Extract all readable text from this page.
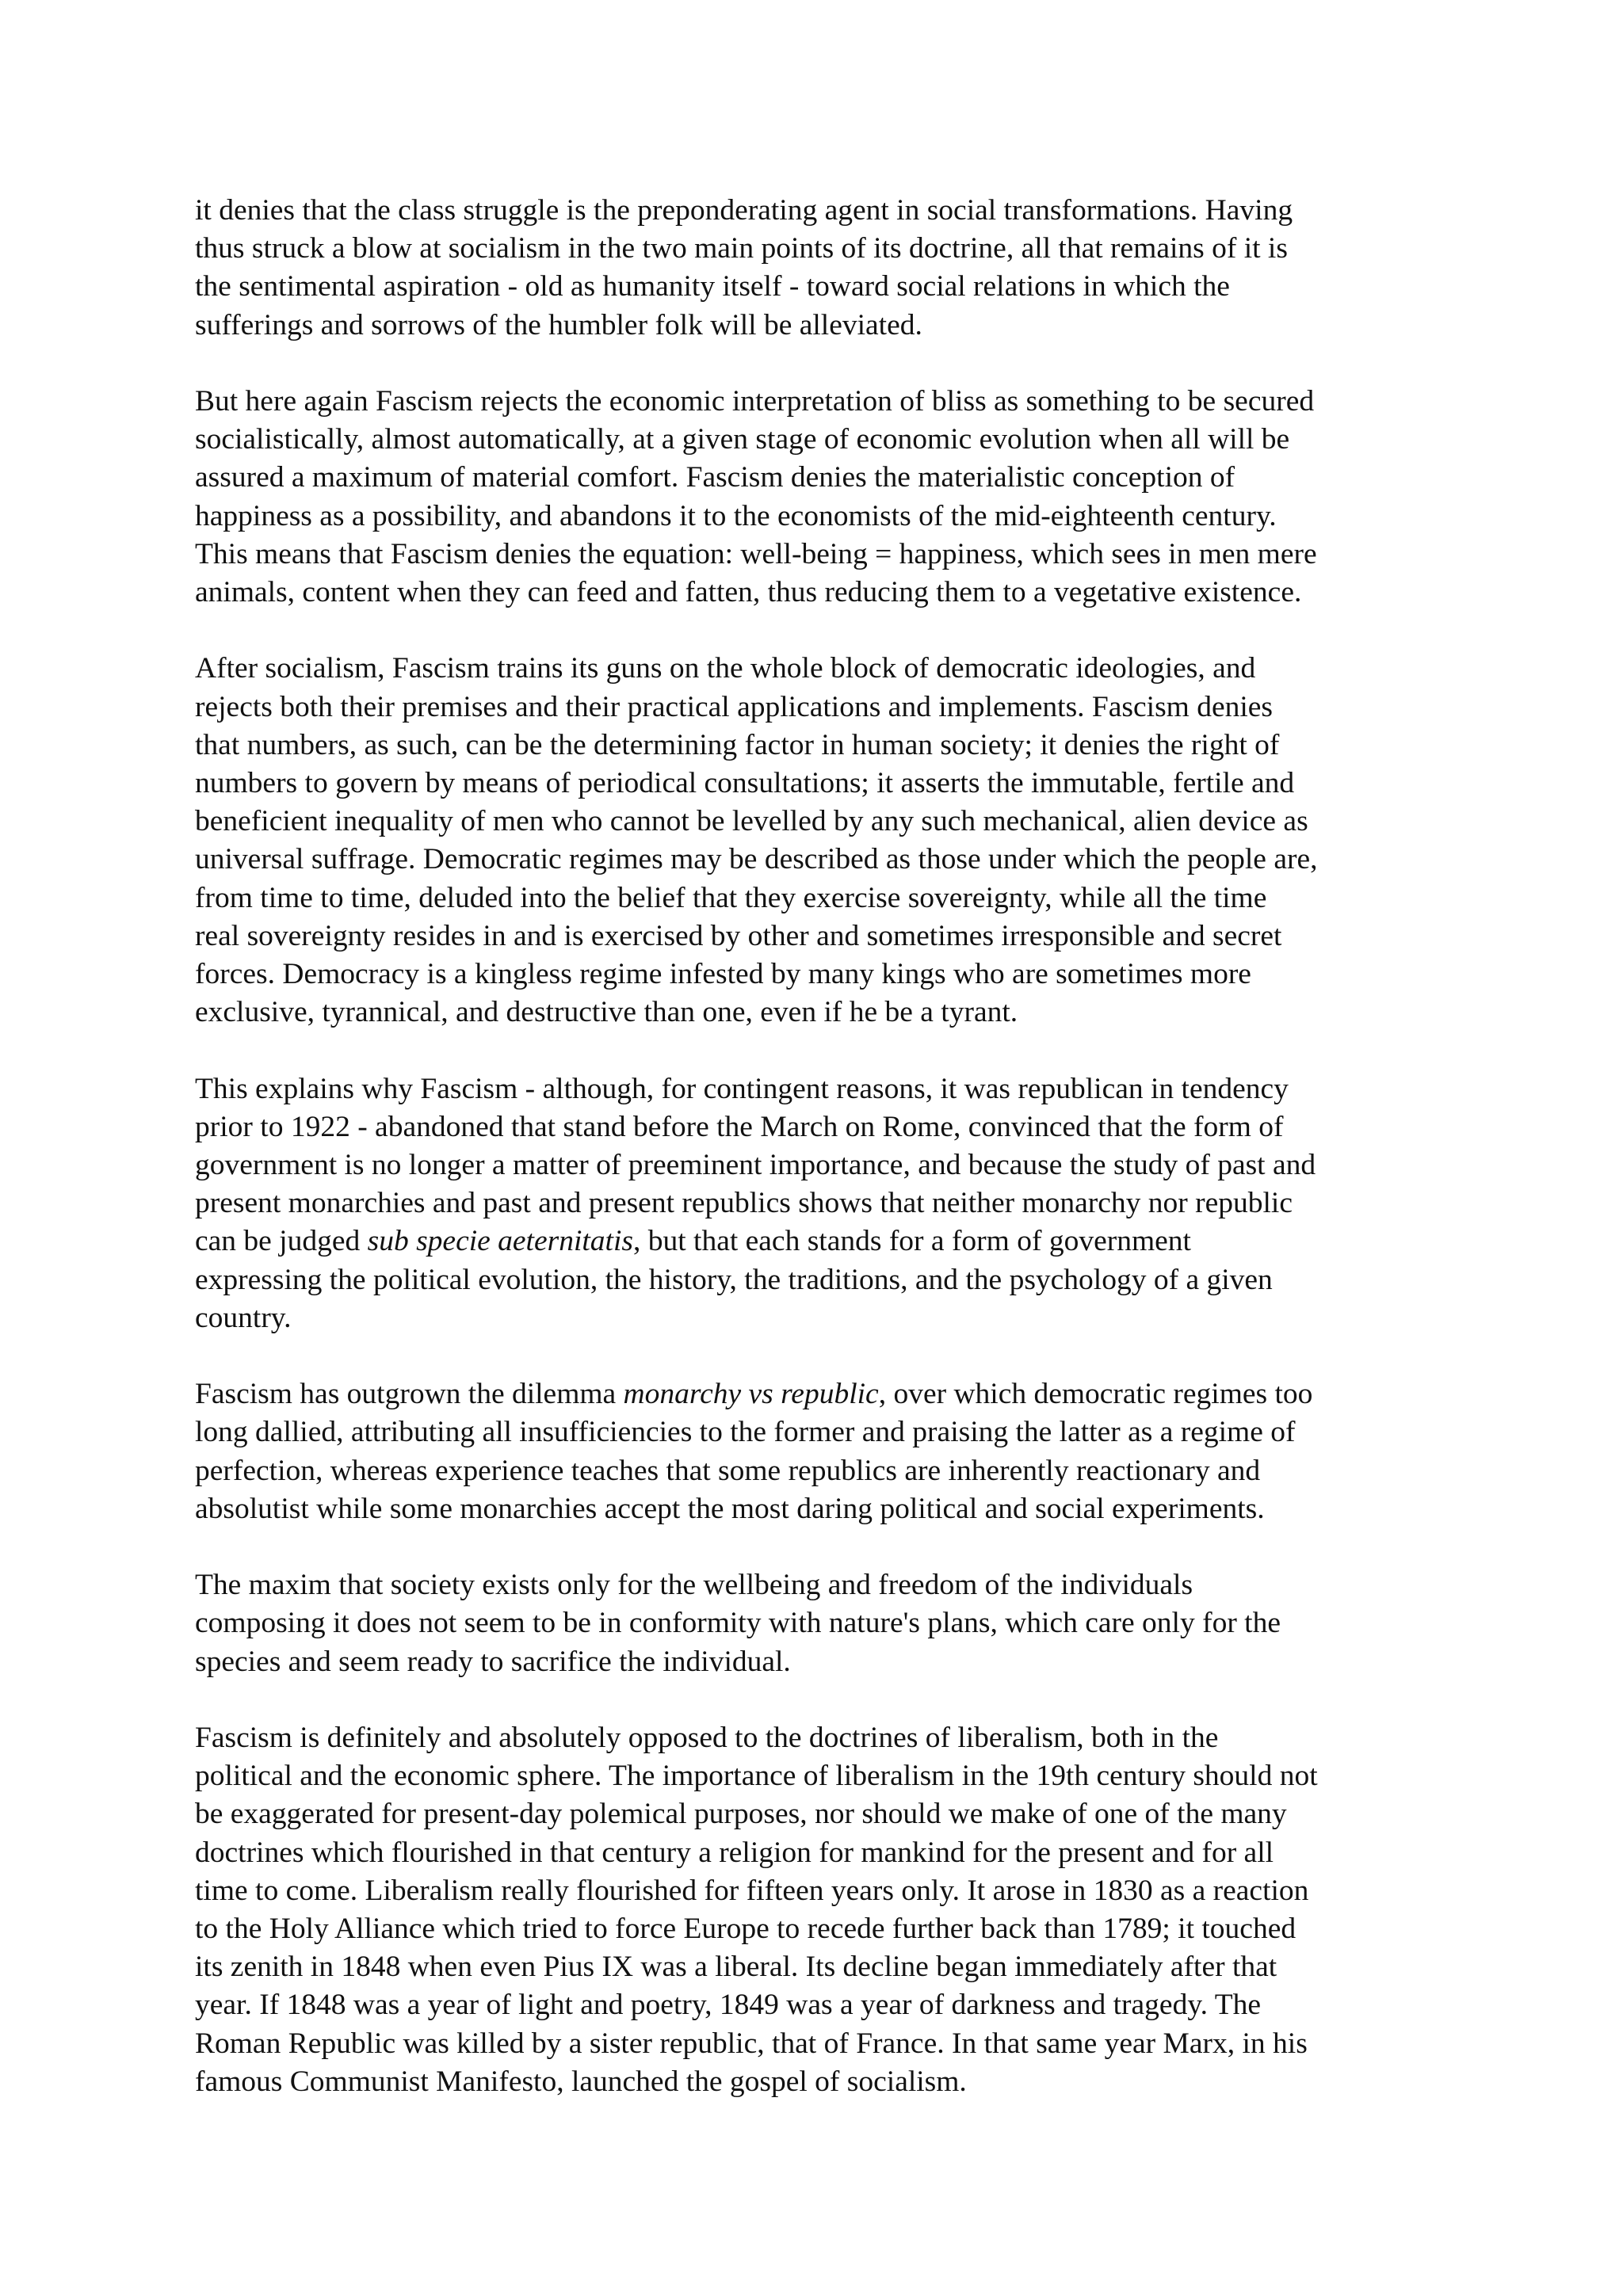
it denies that the class struggle is the preponderating agent in social transformations. Having
thus struck a blow at socialism in the two main points of its doctrine, all that remains of it is
the sentimental aspiration - old as humanity itself - toward social relations in which the
sufferings and sorrows of the humbler folk will be alleviated.

But here again Fascism rejects the economic interpretation of bliss as something to be secured
socialistically, almost automatically, at a given stage of economic evolution when all will be
assured a maximum of material comfort. Fascism denies the materialistic conception of
happiness as a possibility, and abandons it to the economists of the mid-eighteenth century.
This means that Fascism denies the equation: well-being = happiness, which sees in men mere
animals, content when they can feed and fatten, thus reducing them to a vegetative existence.

After socialism, Fascism trains its guns on the whole block of democratic ideologies, and
rejects both their premises and their practical applications and implements. Fascism denies
that numbers, as such, can be the determining factor in human society; it denies the right of
numbers to govern by means of periodical consultations; it asserts the immutable, fertile and
beneficient inequality of men who cannot be levelled by any such mechanical, alien device as
universal suffrage. Democratic regimes may be described as those under which the people are,
from time to time, deluded into the belief that they exercise sovereignty, while all the time
real sovereignty resides in and is exercised by other and sometimes irresponsible and secret
forces. Democracy is a kingless regime infested by many kings who are sometimes more
exclusive, tyrannical, and destructive than one, even if he be a tyrant.

This explains why Fascism - although, for contingent reasons, it was republican in tendency
prior to 1922 - abandoned that stand before the March on Rome, convinced that the form of
government is no longer a matter of preeminent importance, and because the study of past and
present monarchies and past and present republics shows that neither monarchy nor republic
can be judged sub specie aeternitatis, but that each stands for a form of government
expressing the political evolution, the history, the traditions, and the psychology of a given
country.

Fascism has outgrown the dilemma monarchy vs republic, over which democratic regimes too
long dallied, attributing all insufficiencies to the former and praising the latter as a regime of
perfection, whereas experience teaches that some republics are inherently reactionary and
absolutist while some monarchies accept the most daring political and social experiments.

The maxim that society exists only for the wellbeing and freedom of the individuals
composing it does not seem to be in conformity with nature's plans, which care only for the
species and seem ready to sacrifice the individual.

Fascism is definitely and absolutely opposed to the doctrines of liberalism, both in the
political and the economic sphere. The importance of liberalism in the 19th century should not
be exaggerated for present-day polemical purposes, nor should we make of one of the many
doctrines which flourished in that century a religion for mankind for the present and for all
time to come. Liberalism really flourished for fifteen years only. It arose in 1830 as a reaction
to the Holy Alliance which tried to force Europe to recede further back than 1789; it touched
its zenith in 1848 when even Pius IX was a liberal. Its decline began immediately after that
year. If 1848 was a year of light and poetry, 1849 was a year of darkness and tragedy. The
Roman Republic was killed by a sister republic, that of France. In that same year Marx, in his
famous Communist Manifesto, launched the gospel of socialism.
